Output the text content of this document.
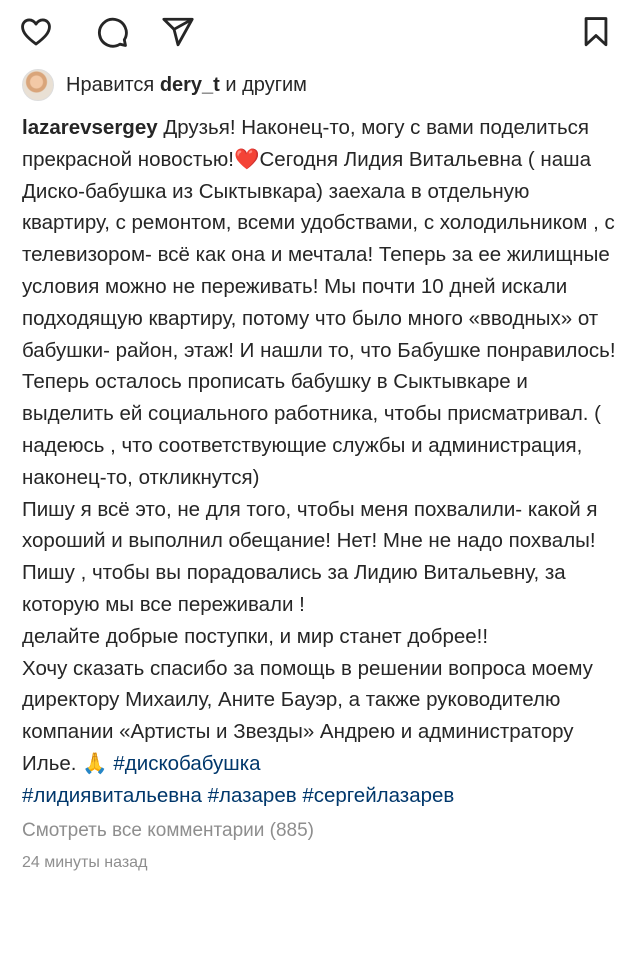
Нравится dery_t и другим

lazarevsergey Друзья! Наконец-то, могу с вами поделиться прекрасной новостью!❤️Сегодня Лидия Витальевна ( наша Диско-бабушка из Сыктывкара) заехала в отдельную квартиру, с ремонтом, всеми удобствами, с холодильником , с телевизором- всё как она и мечтала! Теперь за ее жилищные условия можно не переживать! Мы почти 10 дней искали подходящую квартиру, потому что было много «вводных» от бабушки- район, этаж! И нашли то, что Бабушке понравилось!
Теперь осталось прописать бабушку в Сыктывкаре и выделить ей социального работника, чтобы присматривал. ( надеюсь , что соответствующие службы и администрация, наконец-то, откликнутся)
Пишу я всё это, не для того, чтобы меня похвалили- какой я хороший и выполнил обещание! Нет! Мне не надо похвалы! Пишу , чтобы вы порадовались за Лидию Витальевну, за которую мы все переживали !
делайте добрые поступки, и мир станет добрее!!
Хочу сказать спасибо за помощь в решении вопроса моему директору Михаилу, Аните Бауэр, а также руководителю компании «Артисты и Звезды» Андрею и администратору Илье. 🙏 #дискобабушка
#лидиявитальевна #лазарев #сергейлазарев

Смотреть все комментарии (885)
24 минуты назад
